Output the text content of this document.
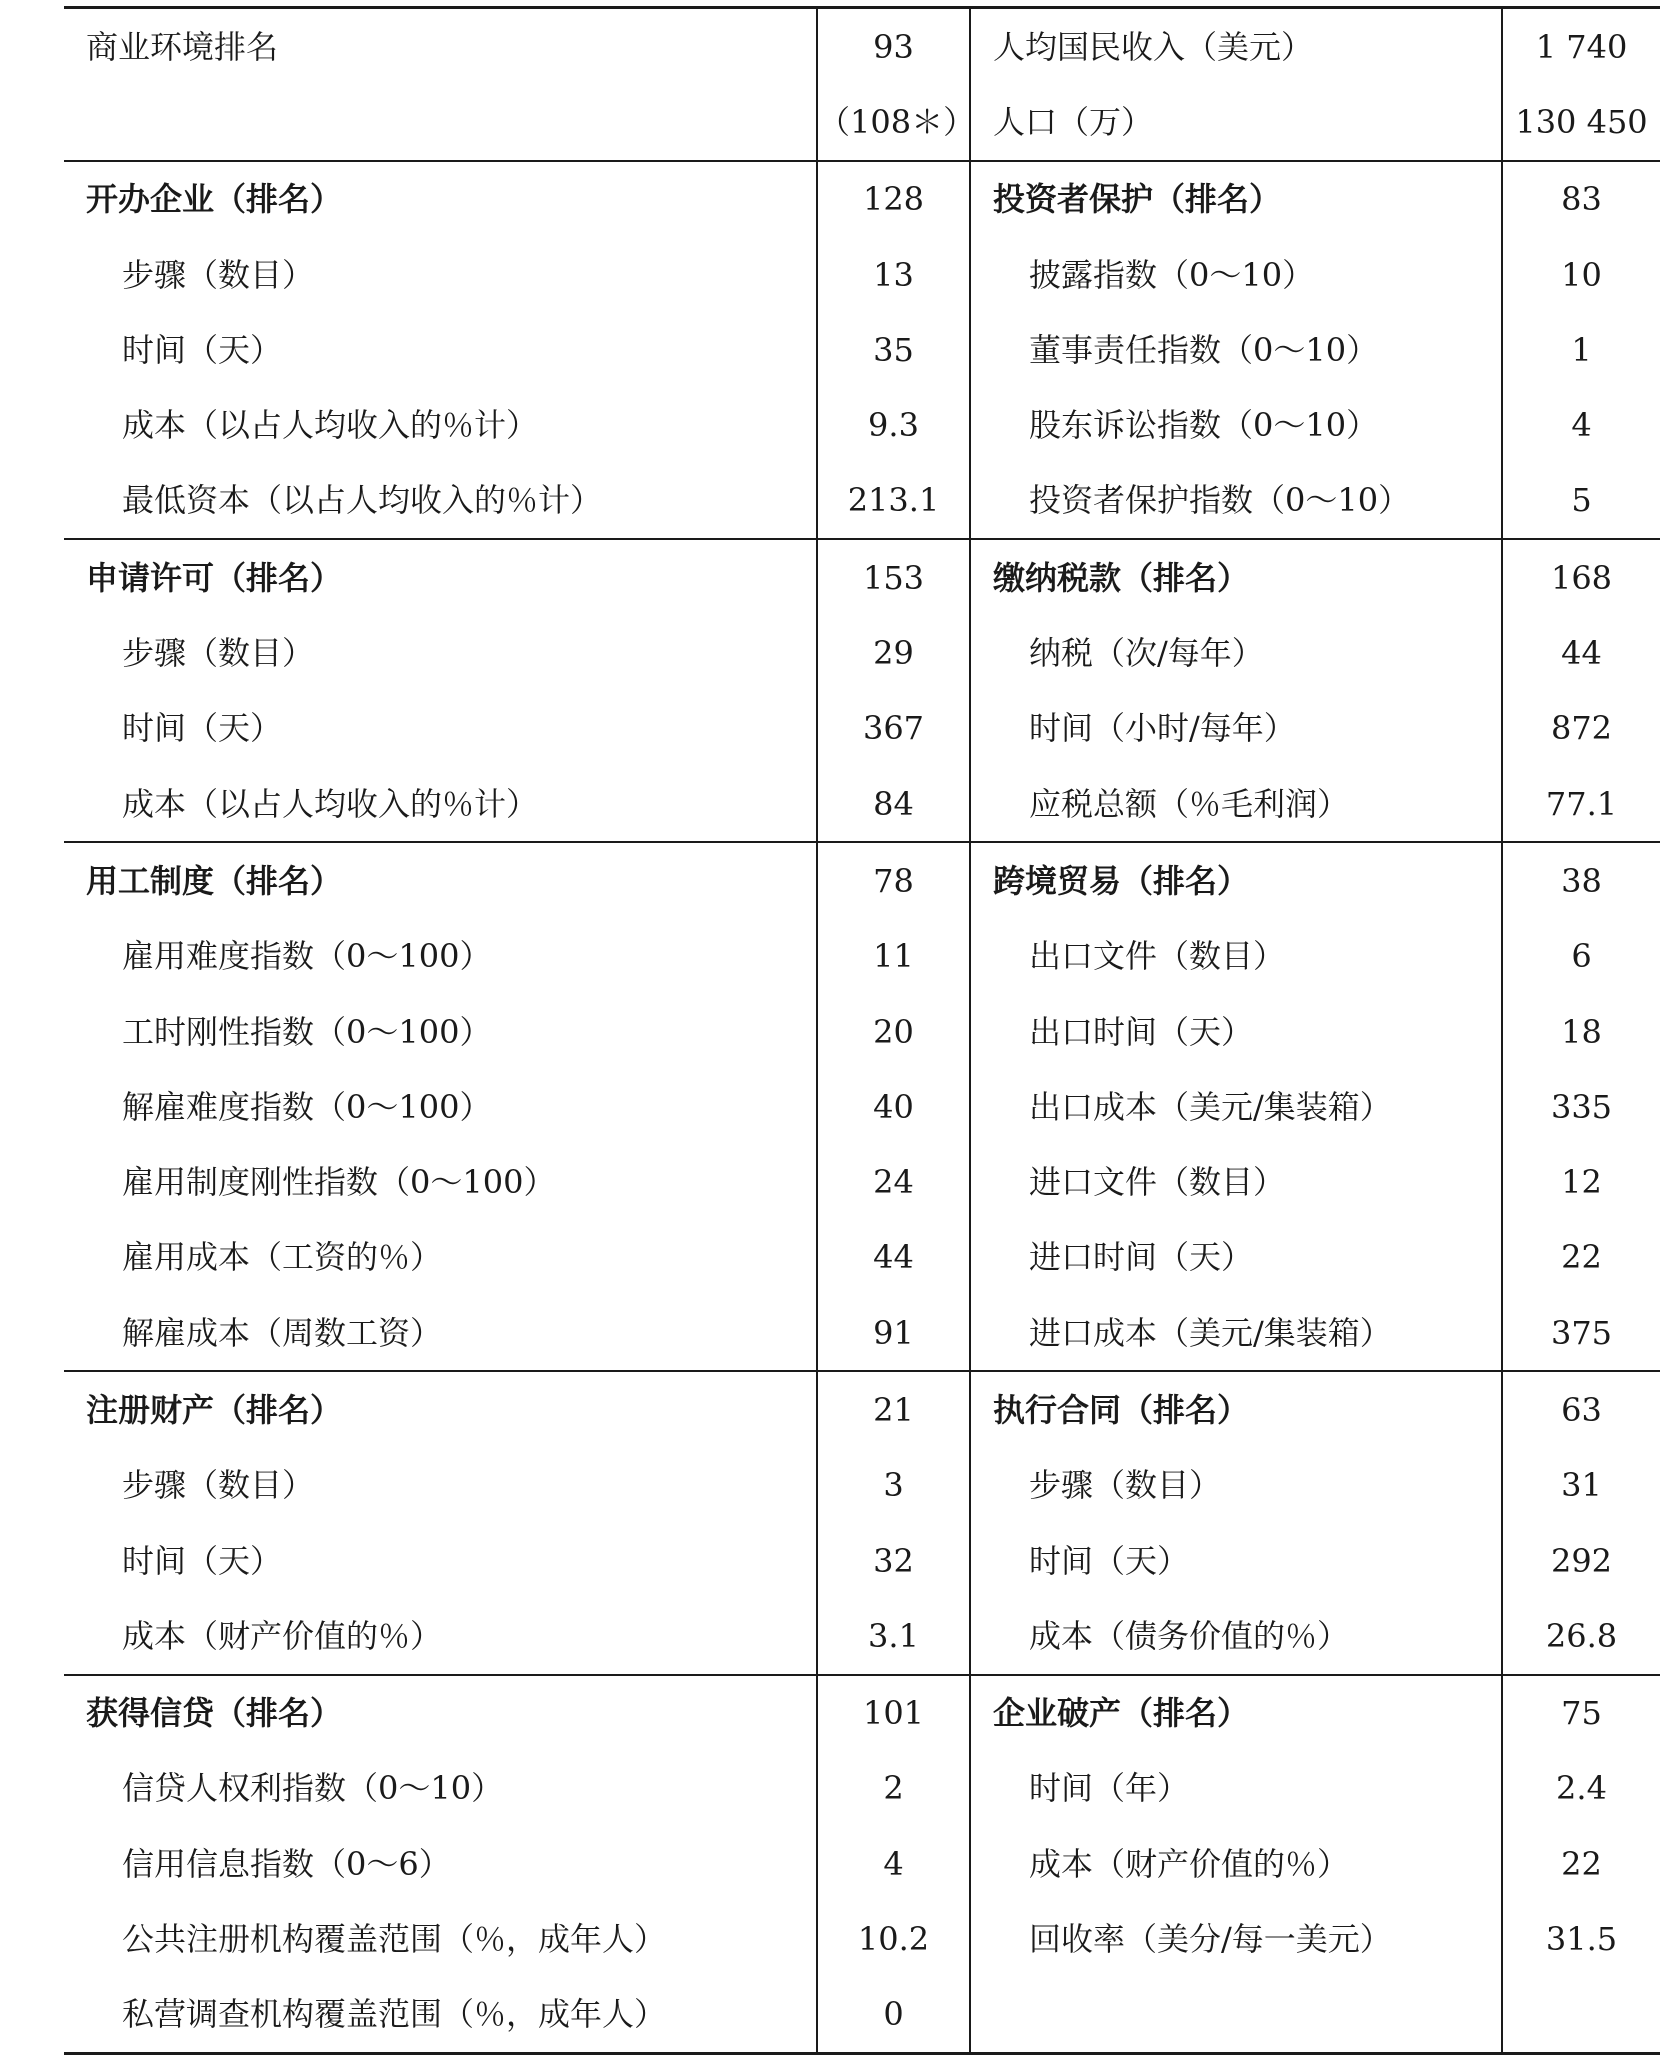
商业环境排名	93	人均国民收入（美元）	1 740
	（108＊）	人口（万）	130 450
开办企业（排名）	128	投资者保护（排名）	83
步骤（数目）	13	披露指数（0～10）	10
时间（天）	35	董事责任指数（0～10）	1
成本（以占人均收入的％计）	9.3	股东诉讼指数（0～10）	4
最低资本（以占人均收入的％计）	213.1	投资者保护指数（0～10）	5
申请许可（排名）	153	缴纳税款（排名）	168
步骤（数目）	29	纳税（次/每年）	44
时间（天）	367	时间（小时/每年）	872
成本（以占人均收入的％计）	84	应税总额（％毛利润）	77.1
用工制度（排名）	78	跨境贸易（排名）	38
雇用难度指数（0～100）	11	出口文件（数目）	6
工时刚性指数（0～100）	20	出口时间（天）	18
解雇难度指数（0～100）	40	出口成本（美元/集装箱）	335
雇用制度刚性指数（0～100）	24	进口文件（数目）	12
雇用成本（工资的％）	44	进口时间（天）	22
解雇成本（周数工资）	91	进口成本（美元/集装箱）	375
注册财产（排名）	21	执行合同（排名）	63
步骤（数目）	3	步骤（数目）	31
时间（天）	32	时间（天）	292
成本（财产价值的％）	3.1	成本（债务价值的％）	26.8
获得信贷（排名）	101	企业破产（排名）	75
信贷人权利指数（0～10）	2	时间（年）	2.4
信用信息指数（0～6）	4	成本（财产价值的％）	22
公共注册机构覆盖范围（％，成年人）	10.2	回收率（美分/每一美元）	31.5
私营调查机构覆盖范围（％，成年人）	0		
